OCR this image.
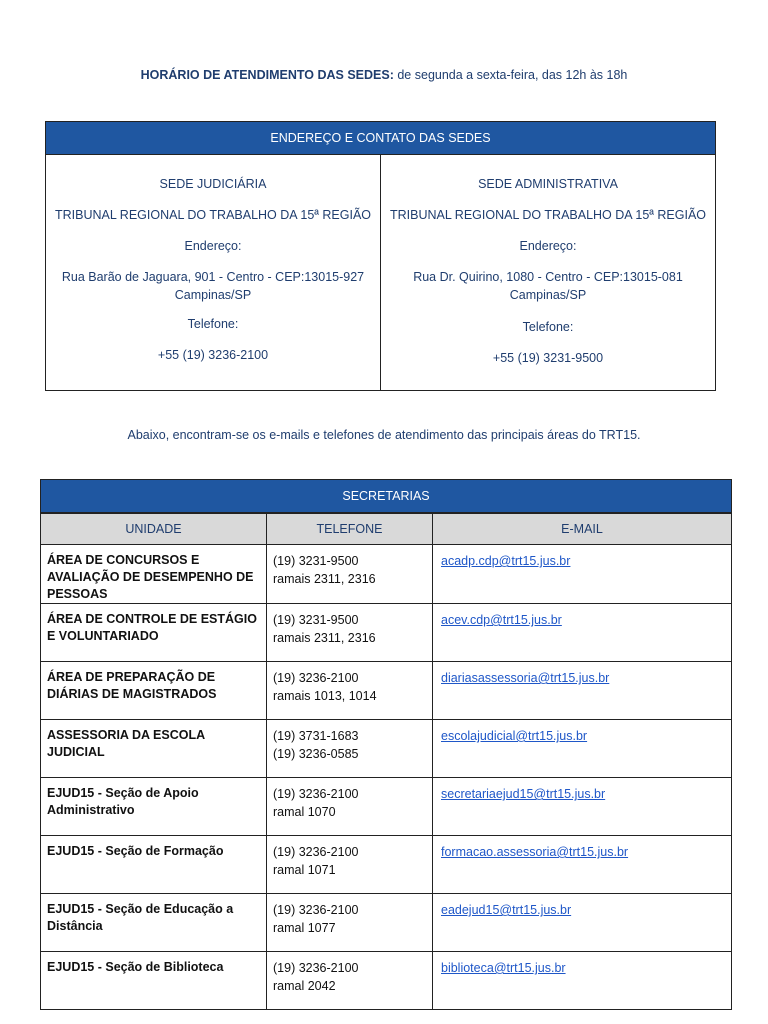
HORÁRIO DE ATENDIMENTO DAS SEDES: de segunda a sexta-feira, das 12h às 18h
ENDEREÇO E CONTATO DAS SEDES
SEDE JUDICIÁRIA
TRIBUNAL REGIONAL DO TRABALHO DA 15ª REGIÃO
Endereço:
Rua Barão de Jaguara, 901 - Centro - CEP:13015-927
Campinas/SP
Telefone:
+55 (19) 3236-2100
SEDE ADMINISTRATIVA
TRIBUNAL REGIONAL DO TRABALHO DA 15ª REGIÃO
Endereço:
Rua Dr. Quirino, 1080 - Centro - CEP:13015-081
Campinas/SP
Telefone:
+55 (19) 3231-9500
Abaixo, encontram-se os e-mails e telefones de atendimento das principais áreas do TRT15.
SECRETARIAS		
UNIDADE	TELEFONE	E-MAIL
ÁREA DE CONCURSOS E AVALIAÇÃO DE DESEMPENHO DE PESSOAS	(19) 3231-9500
ramais 2311, 2316	acadp.cdp@trt15.jus.br
ÁREA DE CONTROLE DE ESTÁGIO E VOLUNTARIADO	(19) 3231-9500
ramais 2311, 2316	acev.cdp@trt15.jus.br
ÁREA DE PREPARAÇÃO DE DIÁRIAS DE MAGISTRADOS	(19) 3236-2100
ramais 1013, 1014	diariasassessoria@trt15.jus.br
ASSESSORIA DA ESCOLA JUDICIAL	(19) 3731-1683
(19) 3236-0585	escolajudicial@trt15.jus.br
EJUD15 - Seção de Apoio Administrativo	(19) 3236-2100
ramal 1070	secretariaejud15@trt15.jus.br
EJUD15 - Seção de Formação	(19) 3236-2100
ramal 1071	formacao.assessoria@trt15.jus.br
EJUD15 - Seção de Educação a Distância	(19) 3236-2100
ramal 1077	eadejud15@trt15.jus.br
EJUD15 - Seção de Biblioteca	(19) 3236-2100
ramal 2042	biblioteca@trt15.jus.br
